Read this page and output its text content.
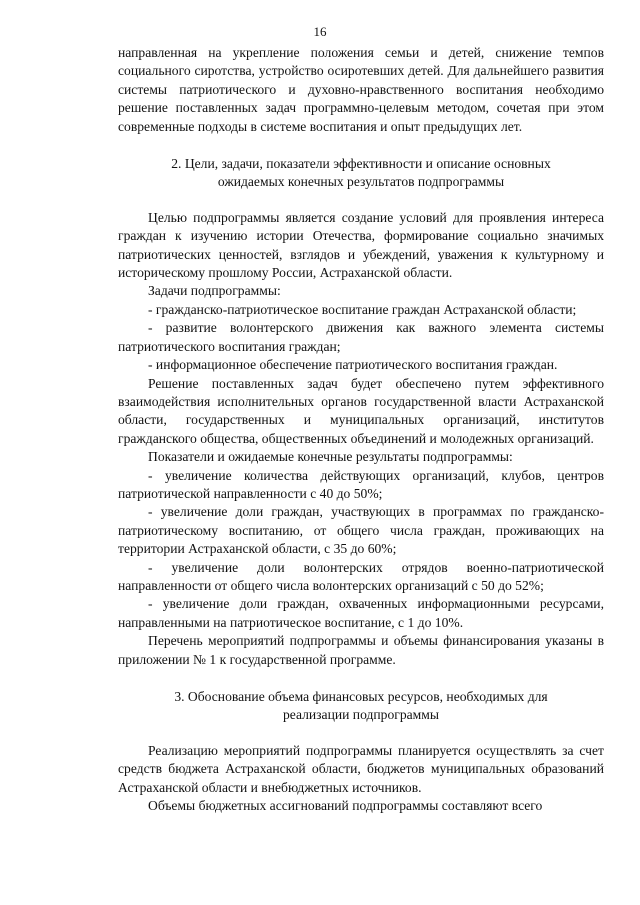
16

направленная на укрепление положения семьи и детей, снижение темпов социального сиротства, устройство осиротевших детей. Для дальнейшего развития системы патриотического и духовно-нравственного воспитания необходимо решение поставленных задач программно-целевым методом, сочетая при этом современные подходы в системе воспитания и опыт предыдущих лет.

2. Цели, задачи, показатели эффективности и описание основных

ожидаемых конечных результатов подпрограммы

Целью подпрограммы является создание условий для проявления интереса граждан к изучению истории Отечества, формирование социально значимых патриотических ценностей, взглядов и убеждений, уважения к культурному и историческому прошлому России, Астраханской области.

Задачи подпрограммы:

- гражданско-патриотическое воспитание граждан Астраханской области;

- развитие волонтерского движения как важного элемента системы патриотического воспитания граждан;

- информационное обеспечение патриотического воспитания граждан.

Решение поставленных задач будет обеспечено путем эффективного взаимодействия исполнительных органов государственной власти Астраханской области, государственных и муниципальных организаций, институтов гражданского общества, общественных объединений и молодежных организаций.

Показатели и ожидаемые конечные результаты подпрограммы:

- увеличение количества действующих организаций, клубов, центров патриотической направленности с 40 до 50%;

- увеличение доли граждан, участвующих в программах по гражданско-патриотическому воспитанию, от общего числа граждан, проживающих на территории Астраханской области, с 35 до 60%;

- увеличение доли волонтерских отрядов военно-патриотической направленности от общего числа волонтерских организаций с 50 до 52%;

- увеличение доли граждан, охваченных информационными ресурсами, направленными на патриотическое воспитание, с 1 до 10%.

Перечень мероприятий подпрограммы и объемы финансирования указаны в приложении № 1 к государственной программе.

3. Обоснование объема финансовых ресурсов, необходимых для

реализации подпрограммы

Реализацию мероприятий подпрограммы планируется осуществлять за счет средств бюджета Астраханской области, бюджетов муниципальных образований Астраханской области и внебюджетных источников.

Объемы бюджетных ассигнований подпрограммы составляют всего
